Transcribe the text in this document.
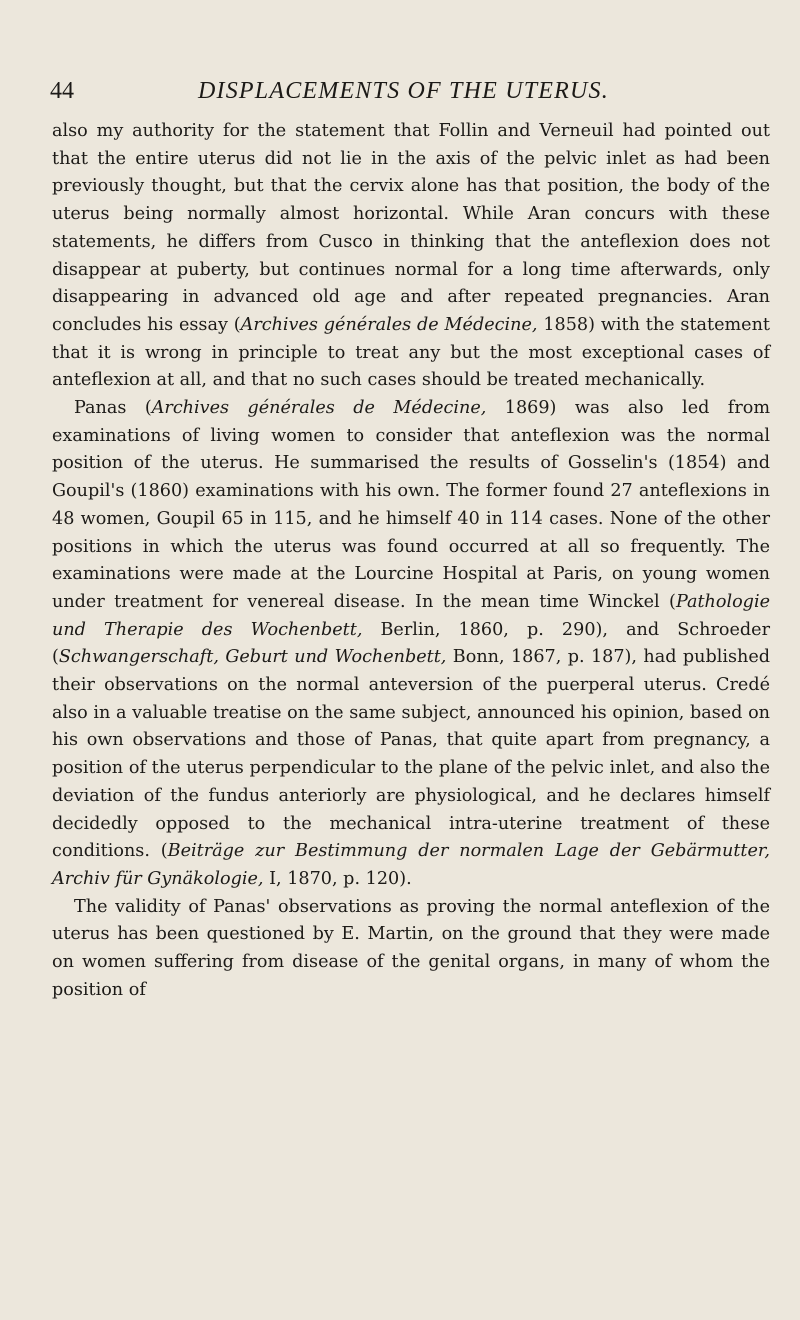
44	DISPLACEMENTS OF THE UTERUS.

also my authority for the statement that Follin and Verneuil had pointed out that the entire uterus did not lie in the axis of the pelvic inlet as had been previously thought, but that the cervix alone has that position, the body of the uterus being normally almost horizontal. While Aran concurs with these statements, he differs from Cusco in thinking that the anteflexion does not disappear at puberty, but continues normal for a long time afterwards, only disappearing in advanced old age and after repeated pregnancies. Aran concludes his essay (Archives générales de Médecine, 1858) with the statement that it is wrong in principle to treat any but the most exceptional cases of anteflexion at all, and that no such cases should be treated mechanically.

Panas (Archives générales de Médecine, 1869) was also led from examinations of living women to consider that anteflexion was the normal position of the uterus. He summarised the results of Gosselin's (1854) and Goupil's (1860) examinations with his own. The former found 27 anteflexions in 48 women, Goupil 65 in 115, and he himself 40 in 114 cases. None of the other positions in which the uterus was found occurred at all so frequently. The examinations were made at the Lourcine Hospital at Paris, on young women under treatment for venereal disease. In the mean time Winckel (Pathologie und Therapie des Wochenbett, Berlin, 1860, p. 290), and Schroeder (Schwangerschaft, Geburt und Wochenbett, Bonn, 1867, p. 187), had published their observations on the normal anteversion of the puerperal uterus. Credé also in a valuable treatise on the same subject, announced his opinion, based on his own observations and those of Panas, that quite apart from pregnancy, a position of the uterus perpendicular to the plane of the pelvic inlet, and also the deviation of the fundus anteriorly are physiological, and he declares himself decidedly opposed to the mechanical intra-uterine treatment of these conditions. (Beiträge zur Bestimmung der normalen Lage der Gebärmutter, Archiv für Gynäkologie, I, 1870, p. 120).

The validity of Panas' observations as proving the normal anteflexion of the uterus has been questioned by E. Martin, on the ground that they were made on women suffering from disease of the genital organs, in many of whom the position of
